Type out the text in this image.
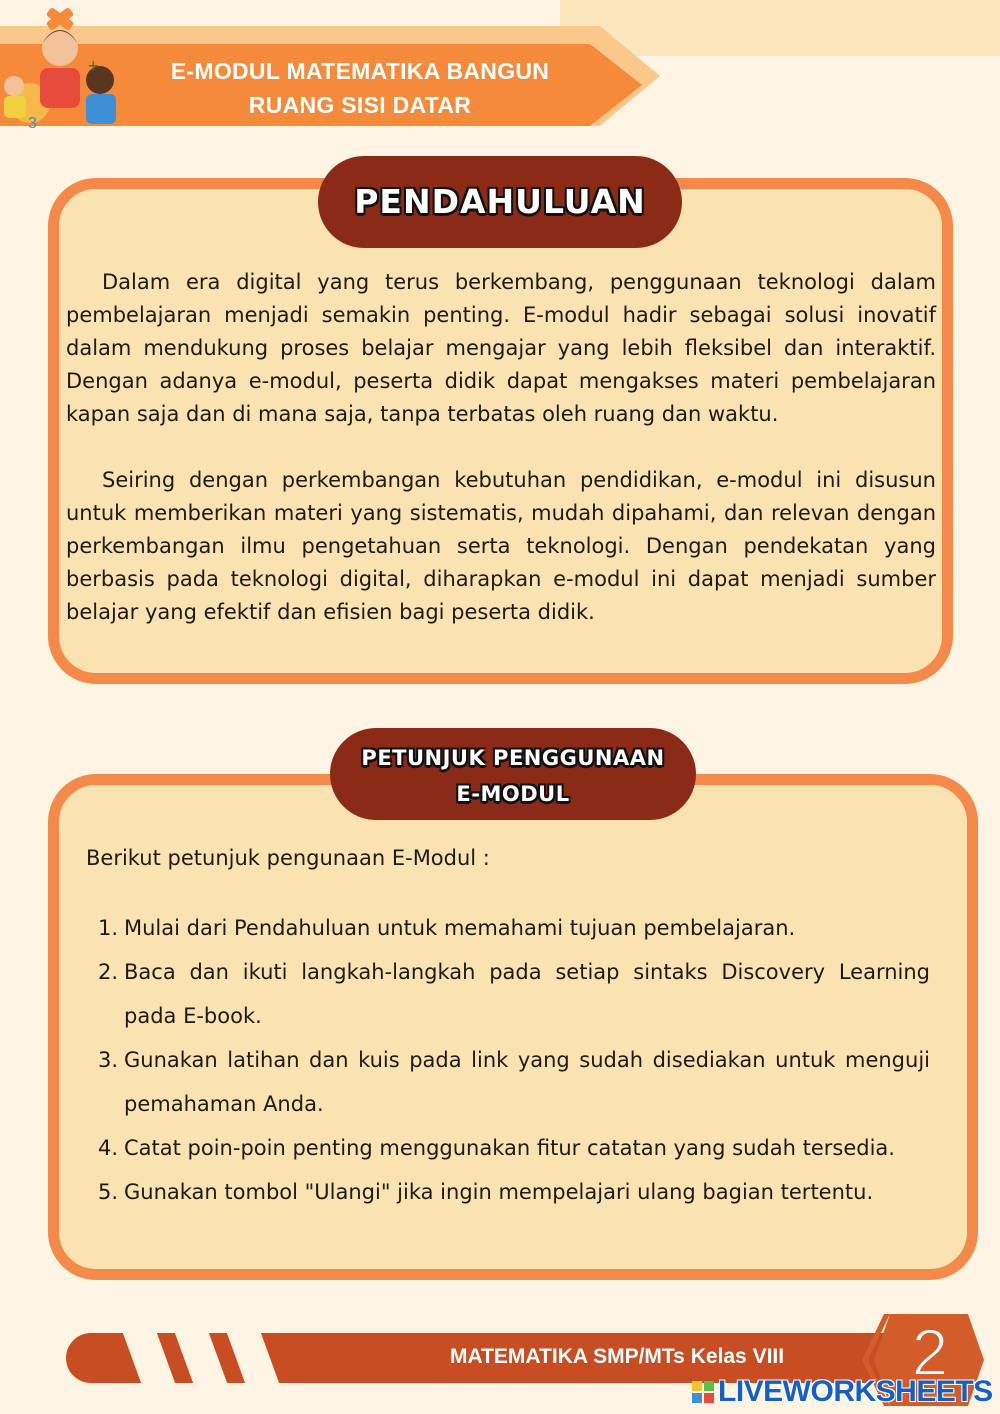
+
3
E-MODUL MATEMATIKA BANGUN
RUANG SISI DATAR
PENDAHULUAN

Dalam era digital yang terus berkembang, penggunaan teknologi dalam pembelajaran menjadi semakin penting. E-modul hadir sebagai solusi inovatif dalam mendukung proses belajar mengajar yang lebih fleksibel dan interaktif. Dengan adanya e-modul, peserta didik dapat mengakses materi pembelajaran kapan saja dan di mana saja, tanpa terbatas oleh ruang dan waktu.

Seiring dengan perkembangan kebutuhan pendidikan, e-modul ini disusun untuk memberikan materi yang sistematis, mudah dipahami, dan relevan dengan perkembangan ilmu pengetahuan serta teknologi. Dengan pendekatan yang berbasis pada teknologi digital, diharapkan e-modul ini dapat menjadi sumber belajar yang efektif dan efisien bagi peserta didik.

PETUNJUK PENGGUNAAN
E-MODUL
Berikut petunjuk pengunaan E-Modul :
1. Mulai dari Pendahuluan untuk memahami tujuan pembelajaran.
2. Baca dan ikuti langkah-langkah pada setiap sintaks Discovery Learning pada E-book.
3. Gunakan latihan dan kuis pada link yang sudah disediakan untuk menguji pemahaman Anda.
4. Catat poin-poin penting menggunakan fitur catatan yang sudah tersedia.
5. Gunakan tombol "Ulangi" jika ingin mempelajari ulang bagian tertentu.
MATEMATIKA SMP/MTs Kelas VIII	2
LIVEWORKSHEETS
